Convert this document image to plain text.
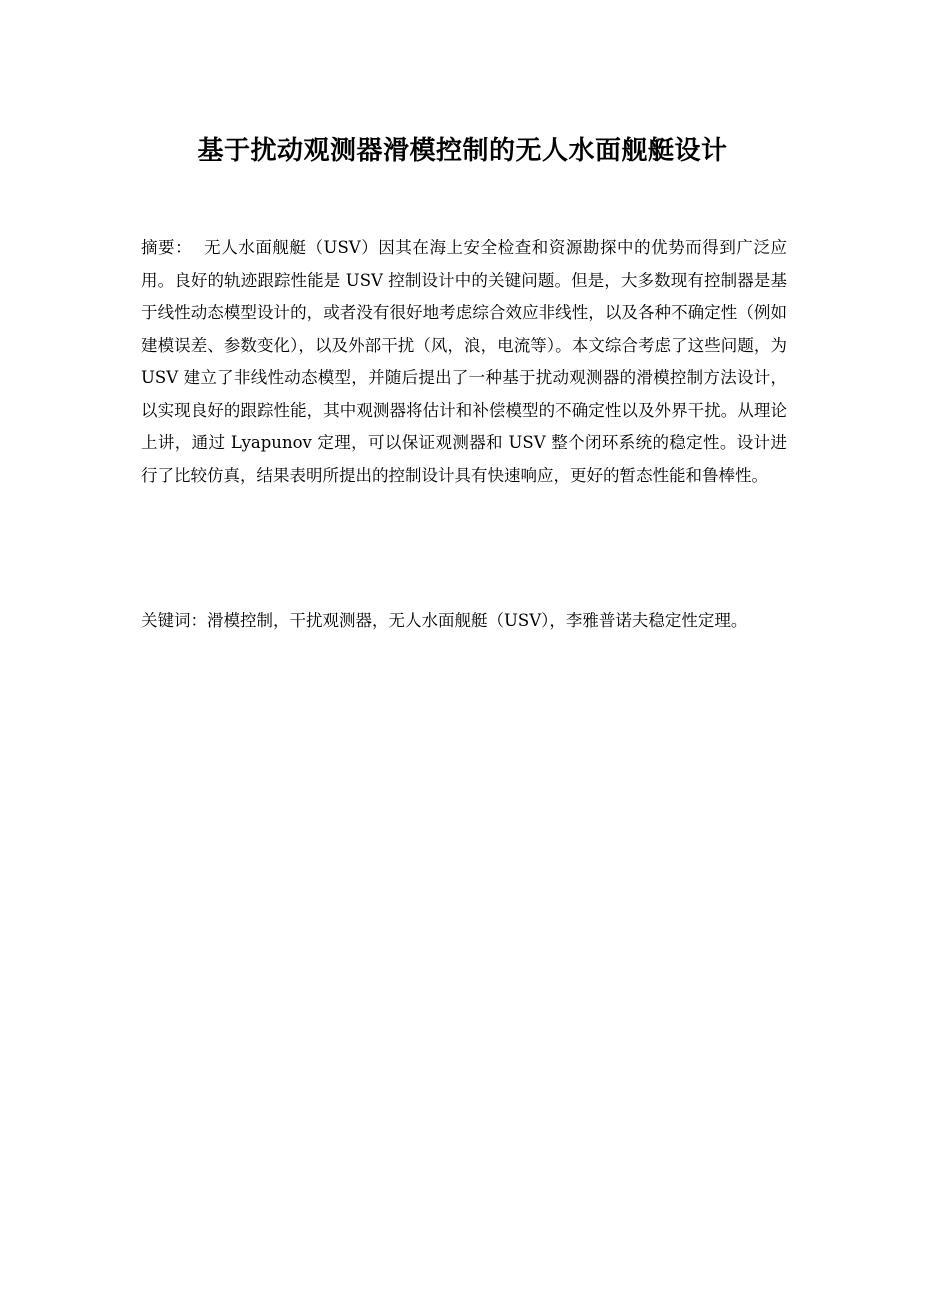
基于扰动观测器滑模控制的无人水面舰艇设计

摘要： 无人水面舰艇（USV）因其在海上安全检查和资源勘探中的优势而得到广泛应用。良好的轨迹跟踪性能是 USV 控制设计中的关键问题。但是，大多数现有控制器是基于线性动态模型设计的，或者没有很好地考虑综合效应非线性，以及各种不确定性（例如建模误差、参数变化），以及外部干扰（风，浪，电流等）。本文综合考虑了这些问题，为 USV 建立了非线性动态模型，并随后提出了一种基于扰动观测器的滑模控制方法设计，以实现良好的跟踪性能，其中观测器将估计和补偿模型的不确定性以及外界干扰。从理论上讲，通过 Lyapunov 定理，可以保证观测器和 USV 整个闭环系统的稳定性。设计进行了比较仿真，结果表明所提出的控制设计具有快速响应，更好的暂态性能和鲁棒性。

关键词：滑模控制，干扰观测器，无人水面舰艇（USV），李雅普诺夫稳定性定理。
